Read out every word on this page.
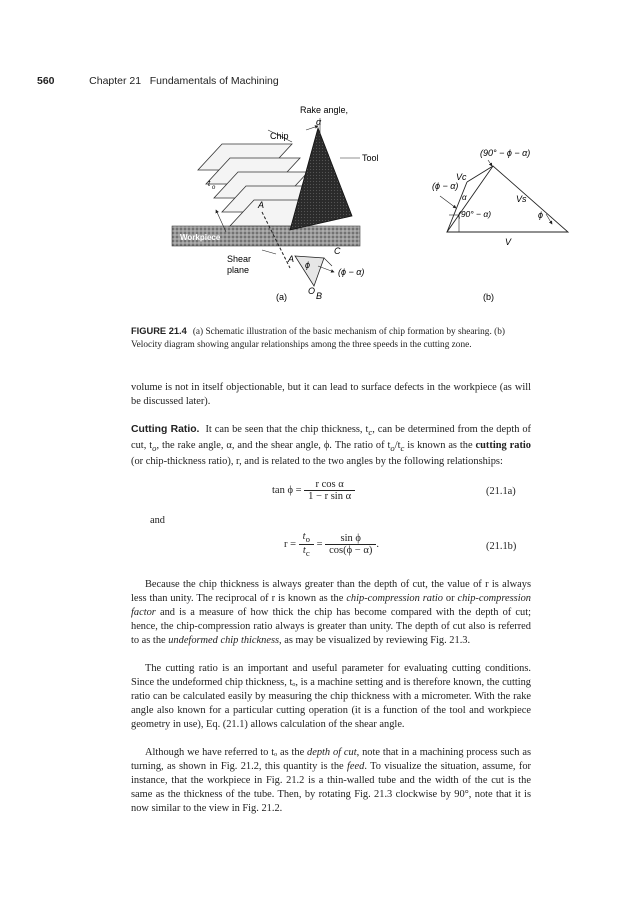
560	Chapter 21 Fundamentals of Machining
Workpiece
Rake angle,
α
Chip
Tool
t o
A
Shear
plane
A
C
ϕ
(ϕ − α)
O B
(a)
(90° − ϕ − α)
(ϕ − α)
Vc
α	Vs
(90° − α)	ϕ
V
(b)
FIGURE 21.4 (a) Schematic illustration of the basic mechanism of chip formation by shearing. (b) Velocity diagram showing angular relationships among the three speeds in the cutting zone.

volume is not in itself objectionable, but it can lead to surface defects in the workpiece (as will be discussed later).

Cutting Ratio. It can be seen that the chip thickness, $t_c$, can be determined from the depth of cut, $t_o$, the rake angle, α, and the shear angle, ϕ. The ratio of $t_o/t_c$ is known as the cutting ratio (or chip-thickness ratio), r, and is related to the two angles by the following relationships:

$\tan \phi = \frac{\text{r cos α}}{\text{1 − r sin α}}$	(21.1a)
and
$r = \frac{t_o}{t_c} = \frac{\text{sin ϕ}}{\cos(\phi - \alpha)}$ .	(21.1b)

Because the chip thickness is always greater than the depth of cut, the value of r is always less than unity. The reciprocal of r is known as the chip-compression ratio or chip-compression factor and is a measure of how thick the chip has become compared with the depth of cut; hence, the chip-compression ratio always is greater than unity. The depth of cut also is referred to as the undeformed chip thickness, as may be visualized by reviewing Fig. 21.3.

The cutting ratio is an important and useful parameter for evaluating cutting conditions. Since the undeformed chip thickness, tₒ, is a machine setting and is therefore known, the cutting ratio can be calculated easily by measuring the chip thickness with a micrometer. With the rake angle also known for a particular cutting operation (it is a function of the tool and workpiece geometry in use), Eq. (21.1) allows calculation of the shear angle.

Although we have referred to tₒ as the depth of cut, note that in a machining process such as turning, as shown in Fig. 21.2, this quantity is the feed. To visualize the situation, assume, for instance, that the workpiece in Fig. 21.2 is a thin-walled tube and the width of the cut is the same as the thickness of the tube. Then, by rotating Fig. 21.3 clockwise by 90°, note that it is now similar to the view in Fig. 21.2.
